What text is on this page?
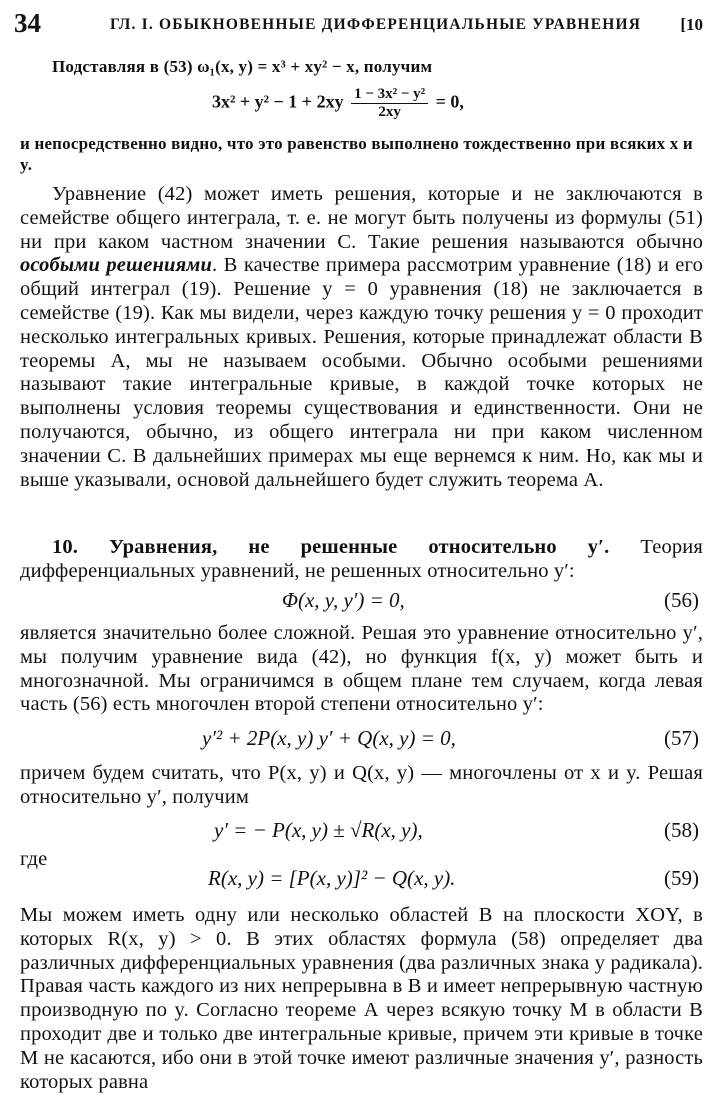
34	ГЛ. I. ОБЫКНОВЕННЫЕ ДИФФЕРЕНЦИАЛЬНЫЕ УРАВНЕНИЯ [10
Подставляя в (53) ω₁(x, y) = x³ + xy² − x, получим
$3x^2 + y^2 - 1 + 2xy \frac{\text{1 − 3x² − y²}}{2xy} = 0$,
и непосредственно видно, что это равенство выполнено тождественно при всяких x и y.

Уравнение (42) может иметь решения, которые и не заключаются в семействе общего интеграла, т. е. не могут быть получены из формулы (51) ни при каком частном значении C. Такие решения называются обычно особыми решениями. В качестве примера рассмотрим уравнение (18) и его общий интеграл (19). Решение y = 0 уравнения (18) не заключается в семействе (19). Как мы видели, через каждую точку решения y = 0 проходит несколько интегральных кривых. Решения, которые принадлежат области B теоремы А, мы не называем особыми. Обычно особыми решениями называют такие интегральные кривые, в каждой точке которых не выполнены условия теоремы существования и единственности. Они не получаются, обычно, из общего интеграла ни при каком численном значении C. В дальнейших примерах мы еще вернемся к ним. Но, как мы и выше указывали, основой дальнейшего будет служить теорема А.

10. Уравнения, не решенные относительно y′. Теория дифференциальных уравнений, не решенных относительно y′:

Φ(x, y, y′) = 0,	(56)

является значительно более сложной. Решая это уравнение относительно y′, мы получим уравнение вида (42), но функция f(x, y) может быть и многозначной. Мы ограничимся в общем плане тем случаем, когда левая часть (56) есть многочлен второй степени относительно y′:

y′² + 2P(x, y) y′ + Q(x, y) = 0,	(57)

причем будем считать, что P(x, y) и Q(x, y) — многочлены от x и y. Решая относительно y′, получим

y′ = − P(x, y) ± √R(x, y),	(58)
где
R(x, y) = [P(x, y)]² − Q(x, y).	(59)

Мы можем иметь одну или несколько областей B на плоскости XOY, в которых R(x, y) > 0. В этих областях формула (58) определяет два различных дифференциальных уравнения (два различных знака у радикала). Правая часть каждого из них непрерывна в B и имеет непрерывную частную производную по y. Согласно теореме А через всякую точку M в области B проходит две и только две интегральные кривые, причем эти кривые в точке M не касаются, ибо они в этой точке имеют различные значения y′, разность которых равна
